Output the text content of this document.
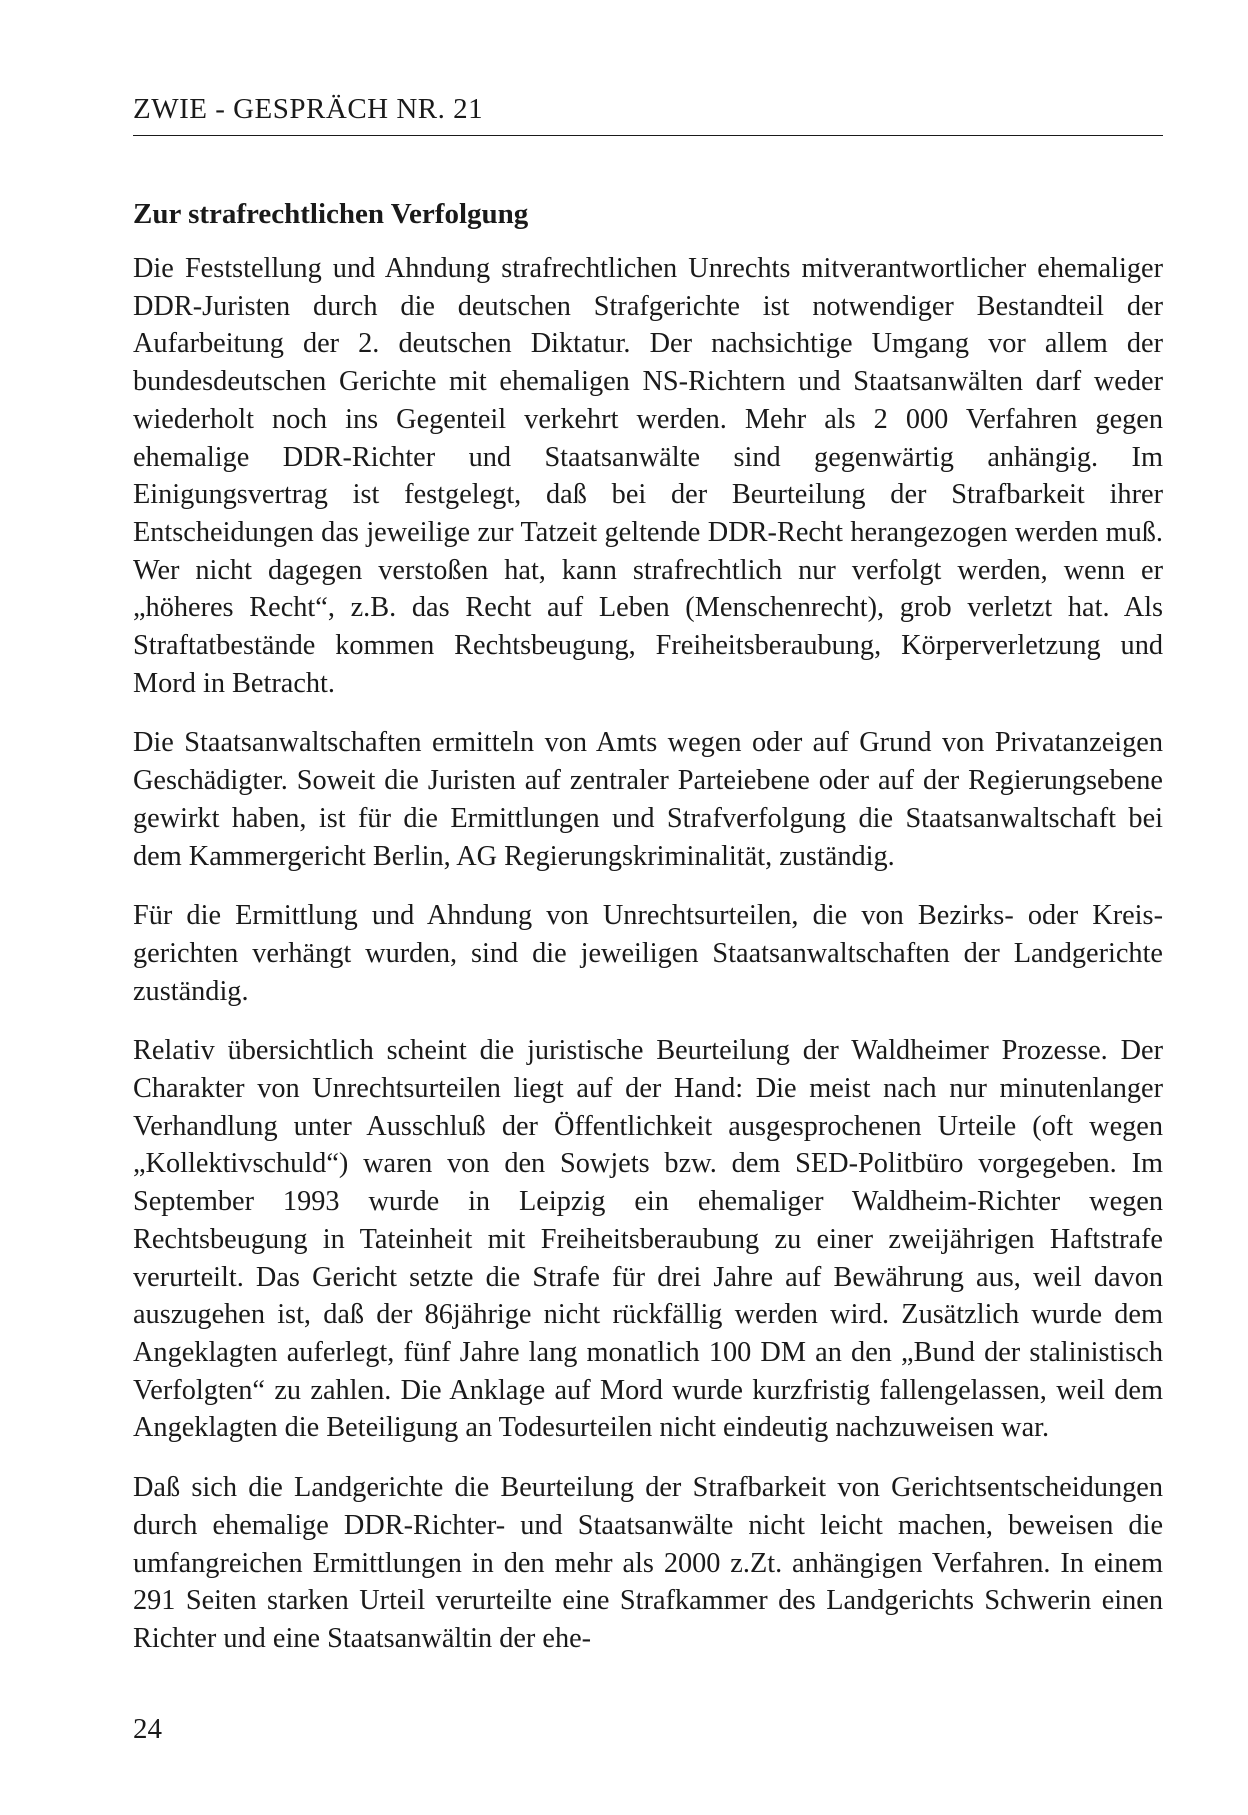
ZWIE - GESPRÄCH NR. 21
Zur strafrechtlichen Verfolgung

Die Feststellung und Ahndung strafrechtlichen Unrechts mitverantwortlicher ehemaliger DDR-Juristen durch die deutschen Strafgerichte ist notwendiger Bestandteil der Aufarbeitung der 2. deutschen Diktatur. Der nachsichtige Umgang vor allem der bundesdeutschen Gerichte mit ehemaligen NS-Richtern und Staatsanwälten darf weder wiederholt noch ins Gegenteil verkehrt werden. Mehr als 2 000 Verfahren gegen ehemalige DDR-Richter und Staatsanwälte sind gegenwärtig anhängig. Im Einigungsvertrag ist festgelegt, daß bei der Beurteilung der Strafbarkeit ihrer Entscheidungen das jeweilige zur Tatzeit geltende DDR-Recht herangezogen werden muß. Wer nicht dagegen verstoßen hat, kann strafrechtlich nur verfolgt werden, wenn er „höheres Recht“, z.B. das Recht auf Leben (Menschenrecht), grob verletzt hat. Als Straftatbestände kommen Rechtsbeugung, Freiheitsberaubung, Körperverletzung und Mord in Betracht.

Die Staatsanwaltschaften ermitteln von Amts wegen oder auf Grund von Privatanzeigen Geschädigter. Soweit die Juristen auf zentraler Parteiebene oder auf der Regierungsebene gewirkt haben, ist für die Ermittlungen und Strafverfolgung die Staatsanwaltschaft bei dem Kammergericht Berlin, AG Regierungskriminalität, zuständig.

Für die Ermittlung und Ahndung von Unrechtsurteilen, die von Bezirks- oder Kreisgerichten verhängt wurden, sind die jeweiligen Staatsanwaltschaften der Landgerichte zuständig.

Relativ übersichtlich scheint die juristische Beurteilung der Waldheimer Prozesse. Der Charakter von Unrechtsurteilen liegt auf der Hand: Die meist nach nur minutenlanger Verhandlung unter Ausschluß der Öffentlichkeit ausgesprochenen Urteile (oft wegen „Kollektivschuld“) waren von den Sowjets bzw. dem SED-Politbüro vorgegeben. Im September 1993 wurde in Leipzig ein ehemaliger Waldheim-Richter wegen Rechtsbeugung in Tateinheit mit Freiheitsberaubung zu einer zweijährigen Haftstrafe verurteilt. Das Gericht setzte die Strafe für drei Jahre auf Bewährung aus, weil davon auszugehen ist, daß der 86jährige nicht rückfällig werden wird. Zusätzlich wurde dem Angeklagten auferlegt, fünf Jahre lang monatlich 100 DM an den „Bund der stalinistisch Verfolgten“ zu zahlen. Die Anklage auf Mord wurde kurzfristig fallengelassen, weil dem Angeklagten die Beteiligung an Todesurteilen nicht eindeutig nachzuweisen war.

Daß sich die Landgerichte die Beurteilung der Strafbarkeit von Gerichtsentscheidungen durch ehemalige DDR-Richter- und Staatsanwälte nicht leicht machen, beweisen die umfangreichen Ermittlungen in den mehr als 2000 z.Zt. anhängigen Verfahren. In einem 291 Seiten starken Urteil verurteilte eine Strafkammer des Landgerichts Schwerin einen Richter und eine Staatsanwältin der ehe-

24
